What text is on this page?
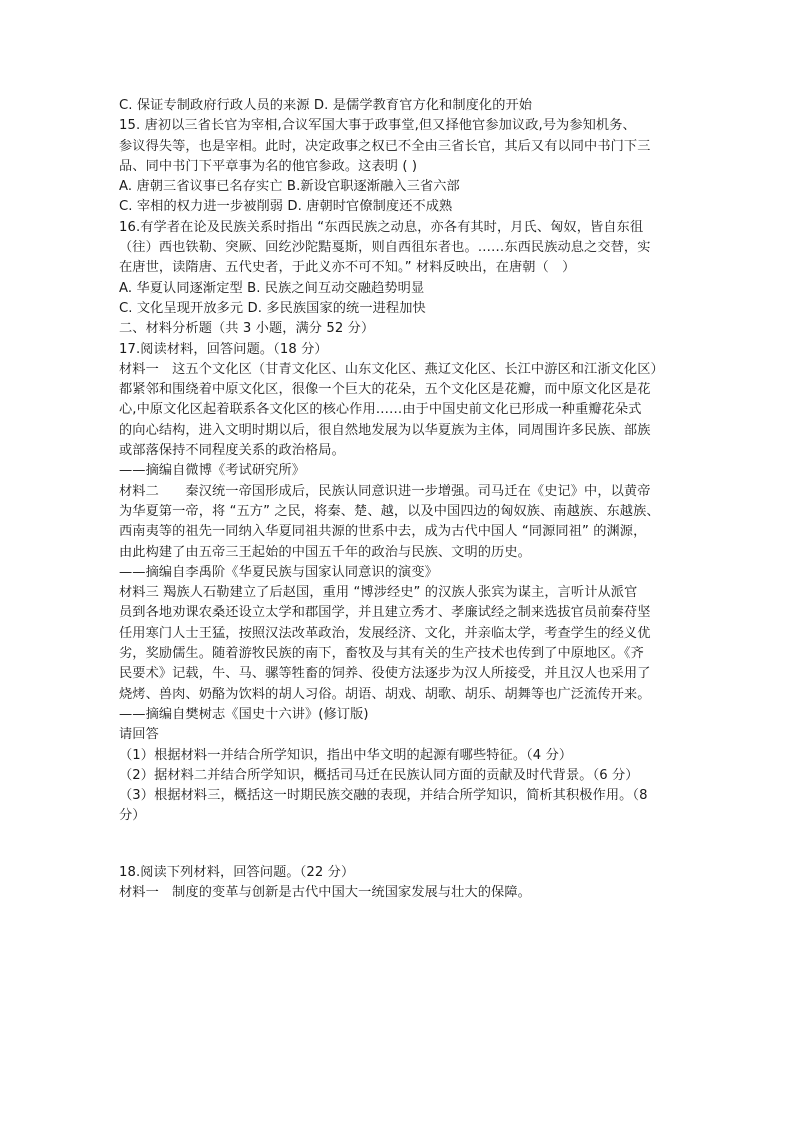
C. 保证专制政府行政人员的来源 D. 是儒学教育官方化和制度化的开始
15. 唐初以三省长官为宰相,合议军国大事于政事堂,但又择他官参加议政,号为参知机务、
参议得失等，也是宰相。此时，决定政事之权已不全由三省长官，其后又有以同中书门下三
品、同中书门下平章事为名的他官参政。这表明 ( )
A. 唐朝三省议事已名存实亡 B.新设官职逐渐融入三省六部
C. 宰相的权力进一步被削弱 D. 唐朝时官僚制度还不成熟
16.有学者在论及民族关系时指出 “东西民族之动息，亦各有其时，月氏、匈奴，皆自东徂
（往）西也铁勒、突厥、回纥沙陀黠戛斯，则自西徂东者也。……东西民族动息之交替，实
在唐世，读隋唐、五代史者，于此义亦不可不知。” 材料反映出，在唐朝（　）
A. 华夏认同逐渐定型 B. 民族之间互动交融趋势明显
C. 文化呈现开放多元 D. 多民族国家的统一进程加快
二、材料分析题（共 3 小题，满分 52 分）
17.阅读材料，回答问题。（18 分）
材料一　这五个文化区（甘青文化区、山东文化区、燕辽文化区、长江中游区和江浙文化区）
都紧邻和围绕着中原文化区，很像一个巨大的花朵，五个文化区是花瓣，而中原文化区是花
心,中原文化区起着联系各文化区的核心作用……由于中国史前文化已形成一种重瓣花朵式
的向心结构，进入文明时期以后，很自然地发展为以华夏族为主体，同周围许多民族、部族
或部落保持不同程度关系的政治格局。
——摘编自微博《考试研究所》
材料二　　秦汉统一帝国形成后，民族认同意识进一步增强。司马迁在《史记》中，以黄帝
为华夏第一帝，将 “五方” 之民，将秦、楚、越，以及中国四边的匈奴族、南越族、东越族、
西南夷等的祖先一同纳入华夏同祖共源的世系中去，成为古代中国人 “同源同祖” 的渊源，
由此构建了由五帝三王起始的中国五千年的政治与民族、文明的历史。
——摘编自李禹阶《华夏民族与国家认同意识的演变》
材料三 羯族人石勒建立了后赵国，重用 “博涉经史” 的汉族人张宾为谋主，言听计从派官
员到各地劝课农桑还设立太学和郡国学，并且建立秀才、孝廉试经之制来选拔官员前秦苻坚
任用寒门人士王猛，按照汉法改革政治，发展经济、文化，并亲临太学，考查学生的经义优
劣，奖励儒生。随着游牧民族的南下，畜牧及与其有关的生产技术也传到了中原地区。《齐
民要术》记载，牛、马、骡等牲畜的饲养、役使方法逐步为汉人所接受，并且汉人也采用了
烧烤、兽肉、奶酪为饮料的胡人习俗。胡语、胡戏、胡歌、胡乐、胡舞等也广泛流传开来。
——摘编自樊树志《国史十六讲》(修订版)
请回答
（1）根据材料一并结合所学知识，指出中华文明的起源有哪些特征。（4 分）
（2）据材料二并结合所学知识，概括司马迁在民族认同方面的贡献及时代背景。（6 分）
（3）根据材料三，概括这一时期民族交融的表现，并结合所学知识，简析其积极作用。（8
分）
18.阅读下列材料，回答问题。（22 分）
材料一　制度的变革与创新是古代中国大一统国家发展与壮大的保障。
